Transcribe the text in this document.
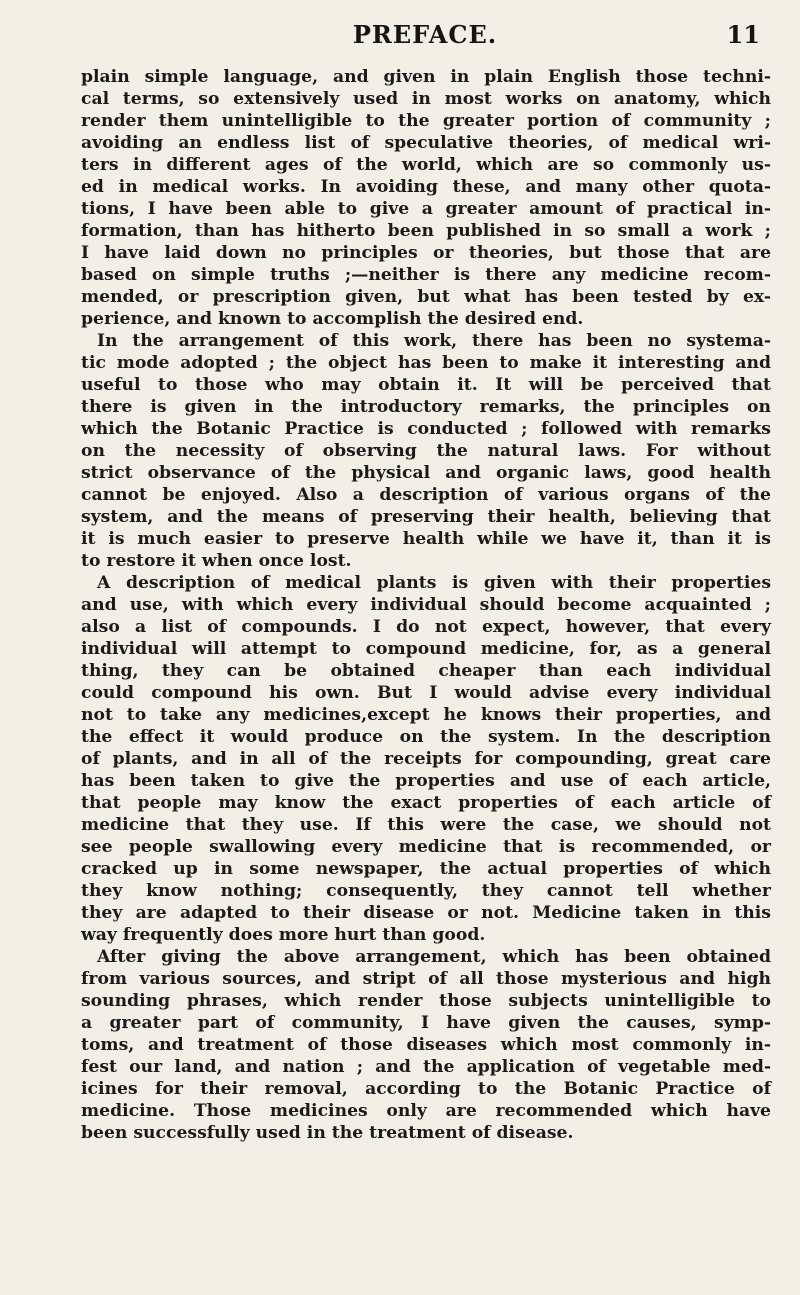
PREFACE.	11
plain simple language, and given in plain English those techni-
cal terms, so extensively used in most works on anatomy, which
render them unintelligible to the greater portion of community ;
avoiding an endless list of speculative theories, of medical wri-
ters in different ages of the world, which are so commonly us-
ed in medical works. In avoiding these, and many other quota-
tions, I have been able to give a greater amount of practical in-
formation, than has hitherto been published in so small a work ;
I have laid down no principles or theories, but those that are
based on simple truths ;—neither is there any medicine recom-
mended, or prescription given, but what has been tested by ex-
perience, and known to accomplish the desired end.
In the arrangement of this work, there has been no systema-
tic mode adopted ; the object has been to make it interesting and
useful to those who may obtain it. It will be perceived that
there is given in the introductory remarks, the principles on
which the Botanic Practice is conducted ; followed with remarks
on the necessity of observing the natural laws. For without
strict observance of the physical and organic laws, good health
cannot be enjoyed. Also a description of various organs of the
system, and the means of preserving their health, believing that
it is much easier to preserve health while we have it, than it is
to restore it when once lost.
A description of medical plants is given with their properties
and use, with which every individual should become acquainted ;
also a list of compounds. I do not expect, however, that every
individual will attempt to compound medicine, for, as a general
thing, they can be obtained cheaper than each individual
could compound his own. But I would advise every individual
not to take any medicines,except he knows their properties, and
the effect it would produce on the system. In the description
of plants, and in all of the receipts for compounding, great care
has been taken to give the properties and use of each article,
that people may know the exact properties of each article of
medicine that they use. If this were the case, we should not
see people swallowing every medicine that is recommended, or
cracked up in some newspaper, the actual properties of which
they know nothing; consequently, they cannot tell whether
they are adapted to their disease or not. Medicine taken in this
way frequently does more hurt than good.
After giving the above arrangement, which has been obtained
from various sources, and stript of all those mysterious and high
sounding phrases, which render those subjects unintelligible to
a greater part of community, I have given the causes, symp-
toms, and treatment of those diseases which most commonly in-
fest our land, and nation ; and the application of vegetable med-
icines for their removal, according to the Botanic Practice of
medicine. Those medicines only are recommended which have
been successfully used in the treatment of disease.
